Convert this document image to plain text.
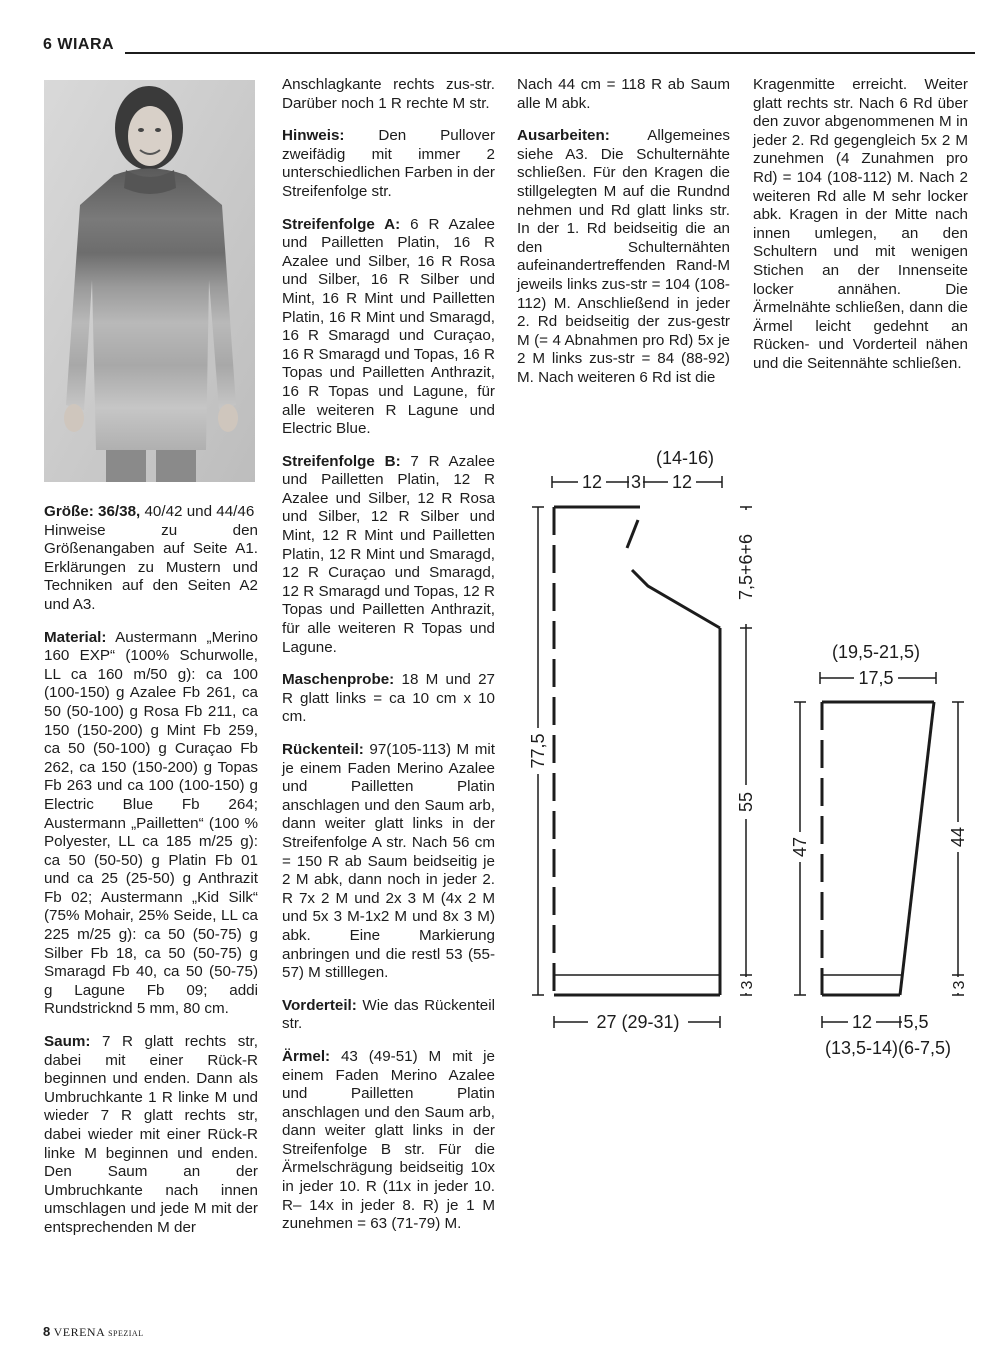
6 WIARA

Größe: 36/38, 40/42 und 44/46
Hinweise zu den Größenangaben auf Seite A1. Erklärungen zu Mustern und Techniken auf den Seiten A2 und A3.

Material: Austermann „Merino 160 EXP“ (100% Schurwolle, LL ca 160 m/50 g): ca 100 (100-150) g Azalee Fb 261, ca 50 (50-100) g Rosa Fb 211, ca 150 (150-200) g Mint Fb 259, ca 50 (50-100) g Curaçao Fb 262, ca 150 (150-200) g Topas Fb 263 und ca 100 (100-150) g Electric Blue Fb 264; Austermann „Pailletten“ (100 % Polyester, LL ca 185 m/25 g): ca 50 (50-50) g Platin Fb 01 und ca 25 (25-50) g Anthrazit Fb 02; Austermann „Kid Silk“ (75% Mohair, 25% Seide, LL ca 225 m/25 g): ca 50 (50-75) g Silber Fb 18, ca 50 (50-75) g Smaragd Fb 40, ca 50 (50-75) g Lagune Fb 09; addi Rundstricknd 5 mm, 80 cm.

Saum: 7 R glatt rechts str, dabei mit einer Rück-R beginnen und enden. Dann als Umbruchkante 1 R linke M und wieder 7 R glatt rechts str, dabei wieder mit einer Rück-R linke M beginnen und enden. Den Saum an der Umbruchkante nach innen umschlagen und jede M mit der entsprechenden M der

Anschlagkante rechts zus-str. Darüber noch 1 R rechte M str.

Hinweis: Den Pullover zweifädig mit immer 2 unterschiedlichen Farben in der Streifenfolge str.

Streifenfolge A: 6 R Azalee und Pailletten Platin, 16 R Azalee und Silber, 16 R Rosa und Silber, 16 R Silber und Mint, 16 R Mint und Pailletten Platin, 16 R Mint und Smaragd, 16 R Smaragd und Curaçao, 16 R Smaragd und Topas, 16 R Topas und Pailletten Anthrazit, 16 R Topas und Lagune, für alle weiteren R Lagune und Electric Blue.

Streifenfolge B: 7 R Azalee und Pailletten Platin, 12 R Azalee und Silber, 12 R Rosa und Silber, 12 R Silber und Mint, 12 R Mint und Pailletten Platin, 12 R Mint und Smaragd, 12 R Curaçao und Smaragd, 12 R Smaragd und Topas, 12 R Topas und Pailletten Anthrazit, für alle weiteren R Topas und Lagune.

Maschenprobe: 18 M und 27 R glatt links = ca 10 cm x 10 cm.

Rückenteil: 97(105-113) M mit je einem Faden Merino Azalee und Pailletten Platin anschlagen und den Saum arb, dann weiter glatt links in der Streifenfolge A str. Nach 56 cm = 150 R ab Saum beidseitig je 2 M abk, dann noch in jeder 2. R 7x 2 M und 2x 3 M (4x 2 M und 5x 3 M-1x2 M und 8x 3 M) abk. Eine Markierung anbringen und die restl 53 (55-57) M stilllegen.

Vorderteil: Wie das Rückenteil str.

Ärmel: 43 (49-51) M mit je einem Faden Merino Azalee und Pailletten Platin anschlagen und den Saum arb, dann weiter glatt links in der Streifenfolge B str. Für die Ärmelschrägung beidseitig 10x in jeder 10. R (11x in jeder 10. R– 14x in jeder 8. R) je 1 M zunehmen = 63 (71-79) M.

Nach 44 cm = 118 R ab Saum alle M abk.

Ausarbeiten: Allgemeines siehe A3. Die Schulternähte schließen. Für den Kragen die stillgelegten M auf die Rundnd nehmen und Rd glatt links str. In der 1. Rd beidseitig die an den Schulternähten aufeinandertreffenden Rand-M jeweils links zus-str = 104 (108-112) M. Anschließend in jeder 2. Rd beidseitig der zus-gestr M (= 4 Abnahmen pro Rd) 5x je 2 M links zus-str = 84 (88-92) M. Nach weiteren 6 Rd ist die

Kragenmitte erreicht. Weiter glatt rechts str. Nach 6 Rd über den zuvor abgenommenen M in jeder 2. Rd gegengleich 5x 2 M zunehmen (4 Zunahmen pro Rd) = 104 (108-112) M. Nach 2 weiteren Rd alle M sehr locker abk. Kragen in der Mitte nach innen umlegen, an den Schultern und mit wenigen Stichen an der Innenseite locker annähen. Die Ärmelnähte schließen, dann die Ärmel leicht gedehnt an Rücken- und Vorderteil nähen und die Seitennähte schließen.

(14-16)
12 3 12
77,5
7,5+6+6
55
3
27 (29-31)
(19,5-21,5)
17,5
47	44
3
12 5,5
(13,5-14)(6-7,5)
8 VERENA SPEZIAL
